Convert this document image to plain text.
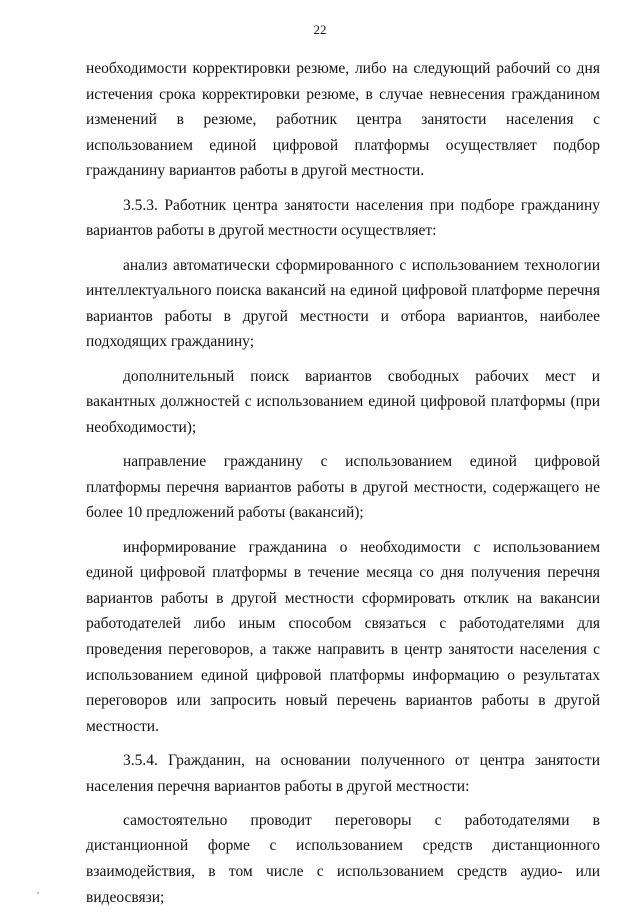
22

необходимости корректировки резюме, либо на следующий рабочий со дня истечения срока корректировки резюме, в случае невнесения гражданином изменений в резюме, работник центра занятости населения с использованием единой цифровой платформы осуществляет подбор гражданину вариантов работы в другой местности.

3.5.3. Работник центра занятости населения при подборе гражданину вариантов работы в другой местности осуществляет:

анализ автоматически сформированного с использованием технологии интеллектуального поиска вакансий на единой цифровой платформе перечня вариантов работы в другой местности и отбора вариантов, наиболее подходящих гражданину;

дополнительный поиск вариантов свободных рабочих мест и вакантных должностей с использованием единой цифровой платформы (при необходимости);

направление гражданину с использованием единой цифровой платформы перечня вариантов работы в другой местности, содержащего не более 10 предложений работы (вакансий);

информирование гражданина о необходимости с использованием единой цифровой платформы в течение месяца со дня получения перечня вариантов работы в другой местности сформировать отклик на вакансии работодателей либо иным способом связаться с работодателями для проведения переговоров, а также направить в центр занятости населения с использованием единой цифровой платформы информацию о результатах переговоров или запросить новый перечень вариантов работы в другой местности.

3.5.4. Гражданин, на основании полученного от центра занятости населения перечня вариантов работы в другой местности:

самостоятельно проводит переговоры с работодателями в дистанционной форме с использованием средств дистанционного взаимодействия, в том числе с использованием средств аудио- или видеосвязи;
